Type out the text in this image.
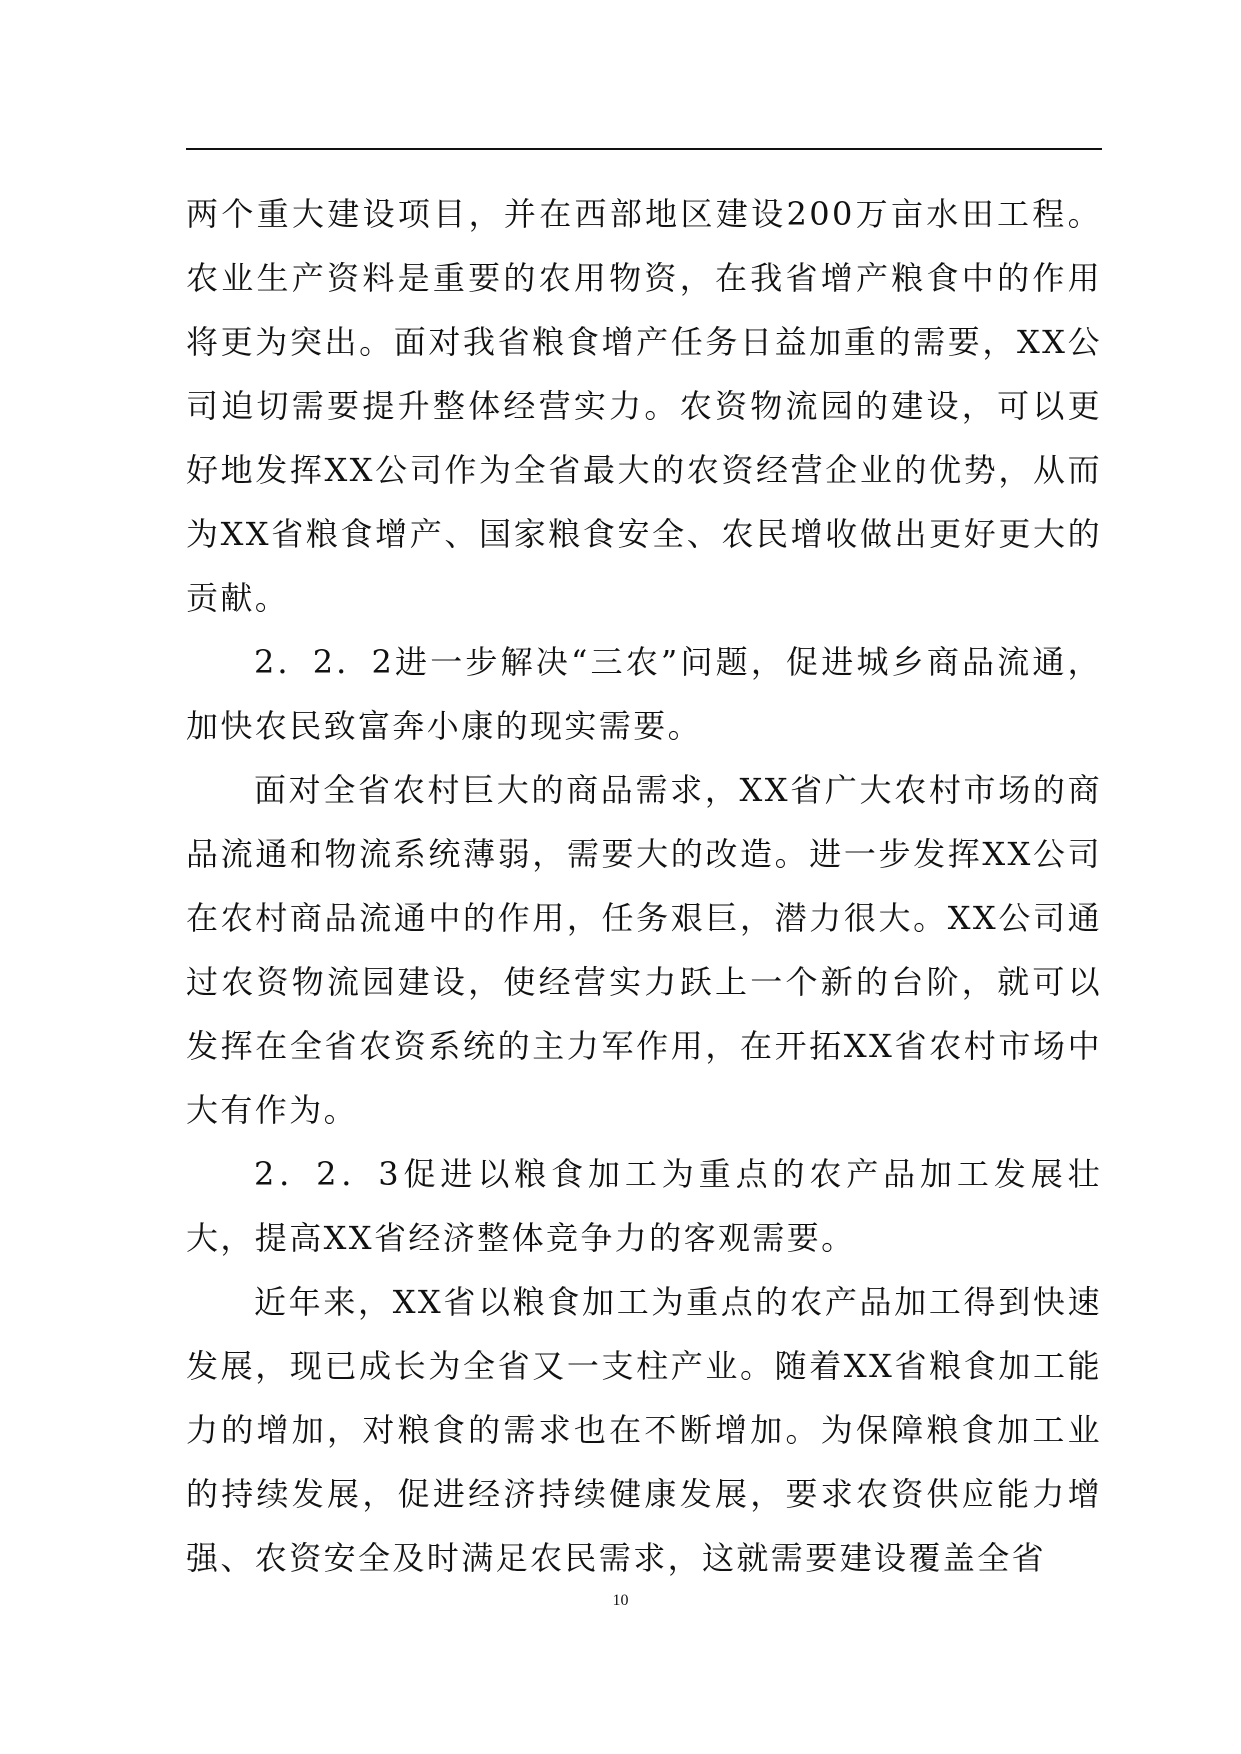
两个重大建设项目，并在西部地区建设200万亩水田工程。农业生产资料是重要的农用物资，在我省增产粮食中的作用将更为突出。面对我省粮食增产任务日益加重的需要，XX公司迫切需要提升整体经营实力。农资物流园的建设，可以更好地发挥XX公司作为全省最大的农资经营企业的优势，从而为XX省粮食增产、国家粮食安全、农民增收做出更好更大的贡献。

2．2．2进一步解决“三农”问题，促进城乡商品流通，加快农民致富奔小康的现实需要。

面对全省农村巨大的商品需求，XX省广大农村市场的商品流通和物流系统薄弱，需要大的改造。进一步发挥XX公司在农村商品流通中的作用，任务艰巨，潜力很大。XX公司通过农资物流园建设，使经营实力跃上一个新的台阶，就可以发挥在全省农资系统的主力军作用，在开拓XX省农村市场中大有作为。

2．2．3促进以粮食加工为重点的农产品加工发展壮大，提高XX省经济整体竞争力的客观需要。

近年来，XX省以粮食加工为重点的农产品加工得到快速发展，现已成长为全省又一支柱产业。随着XX省粮食加工能力的增加，对粮食的需求也在不断增加。为保障粮食加工业的持续发展，促进经济持续健康发展，要求农资供应能力增强、农资安全及时满足农民需求，这就需要建设覆盖全省

10
